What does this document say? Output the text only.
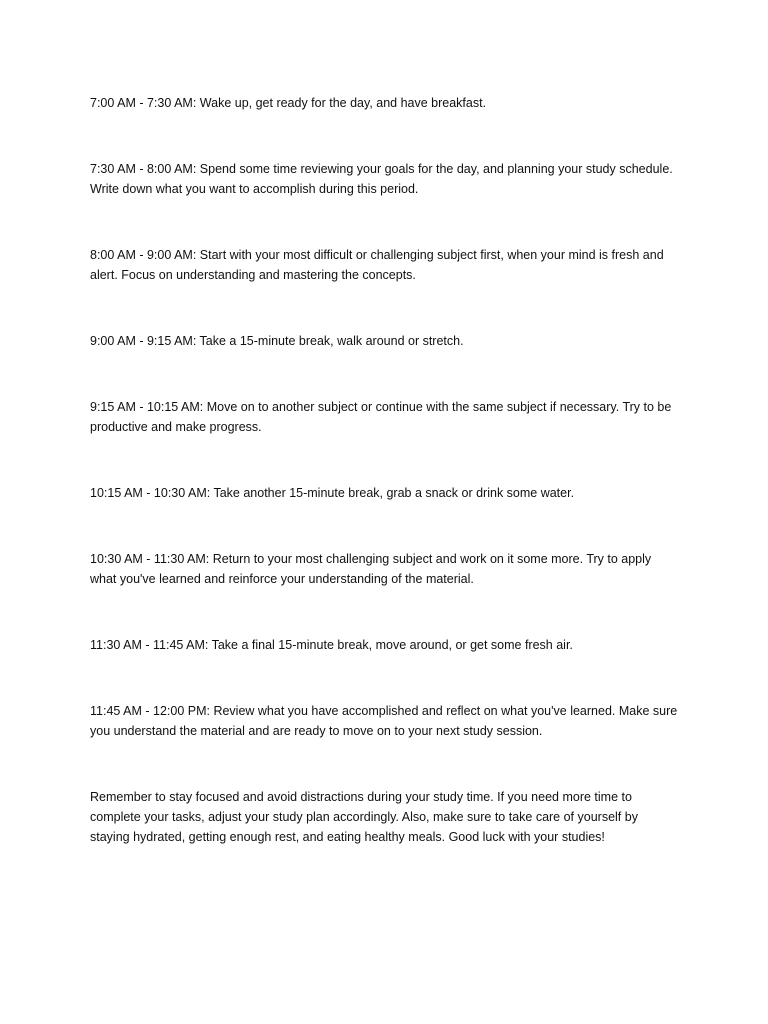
7:00 AM - 7:30 AM: Wake up, get ready for the day, and have breakfast.

7:30 AM - 8:00 AM: Spend some time reviewing your goals for the day, and planning your study schedule. Write down what you want to accomplish during this period.

8:00 AM - 9:00 AM: Start with your most difficult or challenging subject first, when your mind is fresh and alert. Focus on understanding and mastering the concepts.

9:00 AM - 9:15 AM: Take a 15-minute break, walk around or stretch.

9:15 AM - 10:15 AM: Move on to another subject or continue with the same subject if necessary. Try to be productive and make progress.

10:15 AM - 10:30 AM: Take another 15-minute break, grab a snack or drink some water.

10:30 AM - 11:30 AM: Return to your most challenging subject and work on it some more. Try to apply what you've learned and reinforce your understanding of the material.

11:30 AM - 11:45 AM: Take a final 15-minute break, move around, or get some fresh air.

11:45 AM - 12:00 PM: Review what you have accomplished and reflect on what you've learned. Make sure you understand the material and are ready to move on to your next study session.

Remember to stay focused and avoid distractions during your study time. If you need more time to complete your tasks, adjust your study plan accordingly. Also, make sure to take care of yourself by staying hydrated, getting enough rest, and eating healthy meals. Good luck with your studies!
